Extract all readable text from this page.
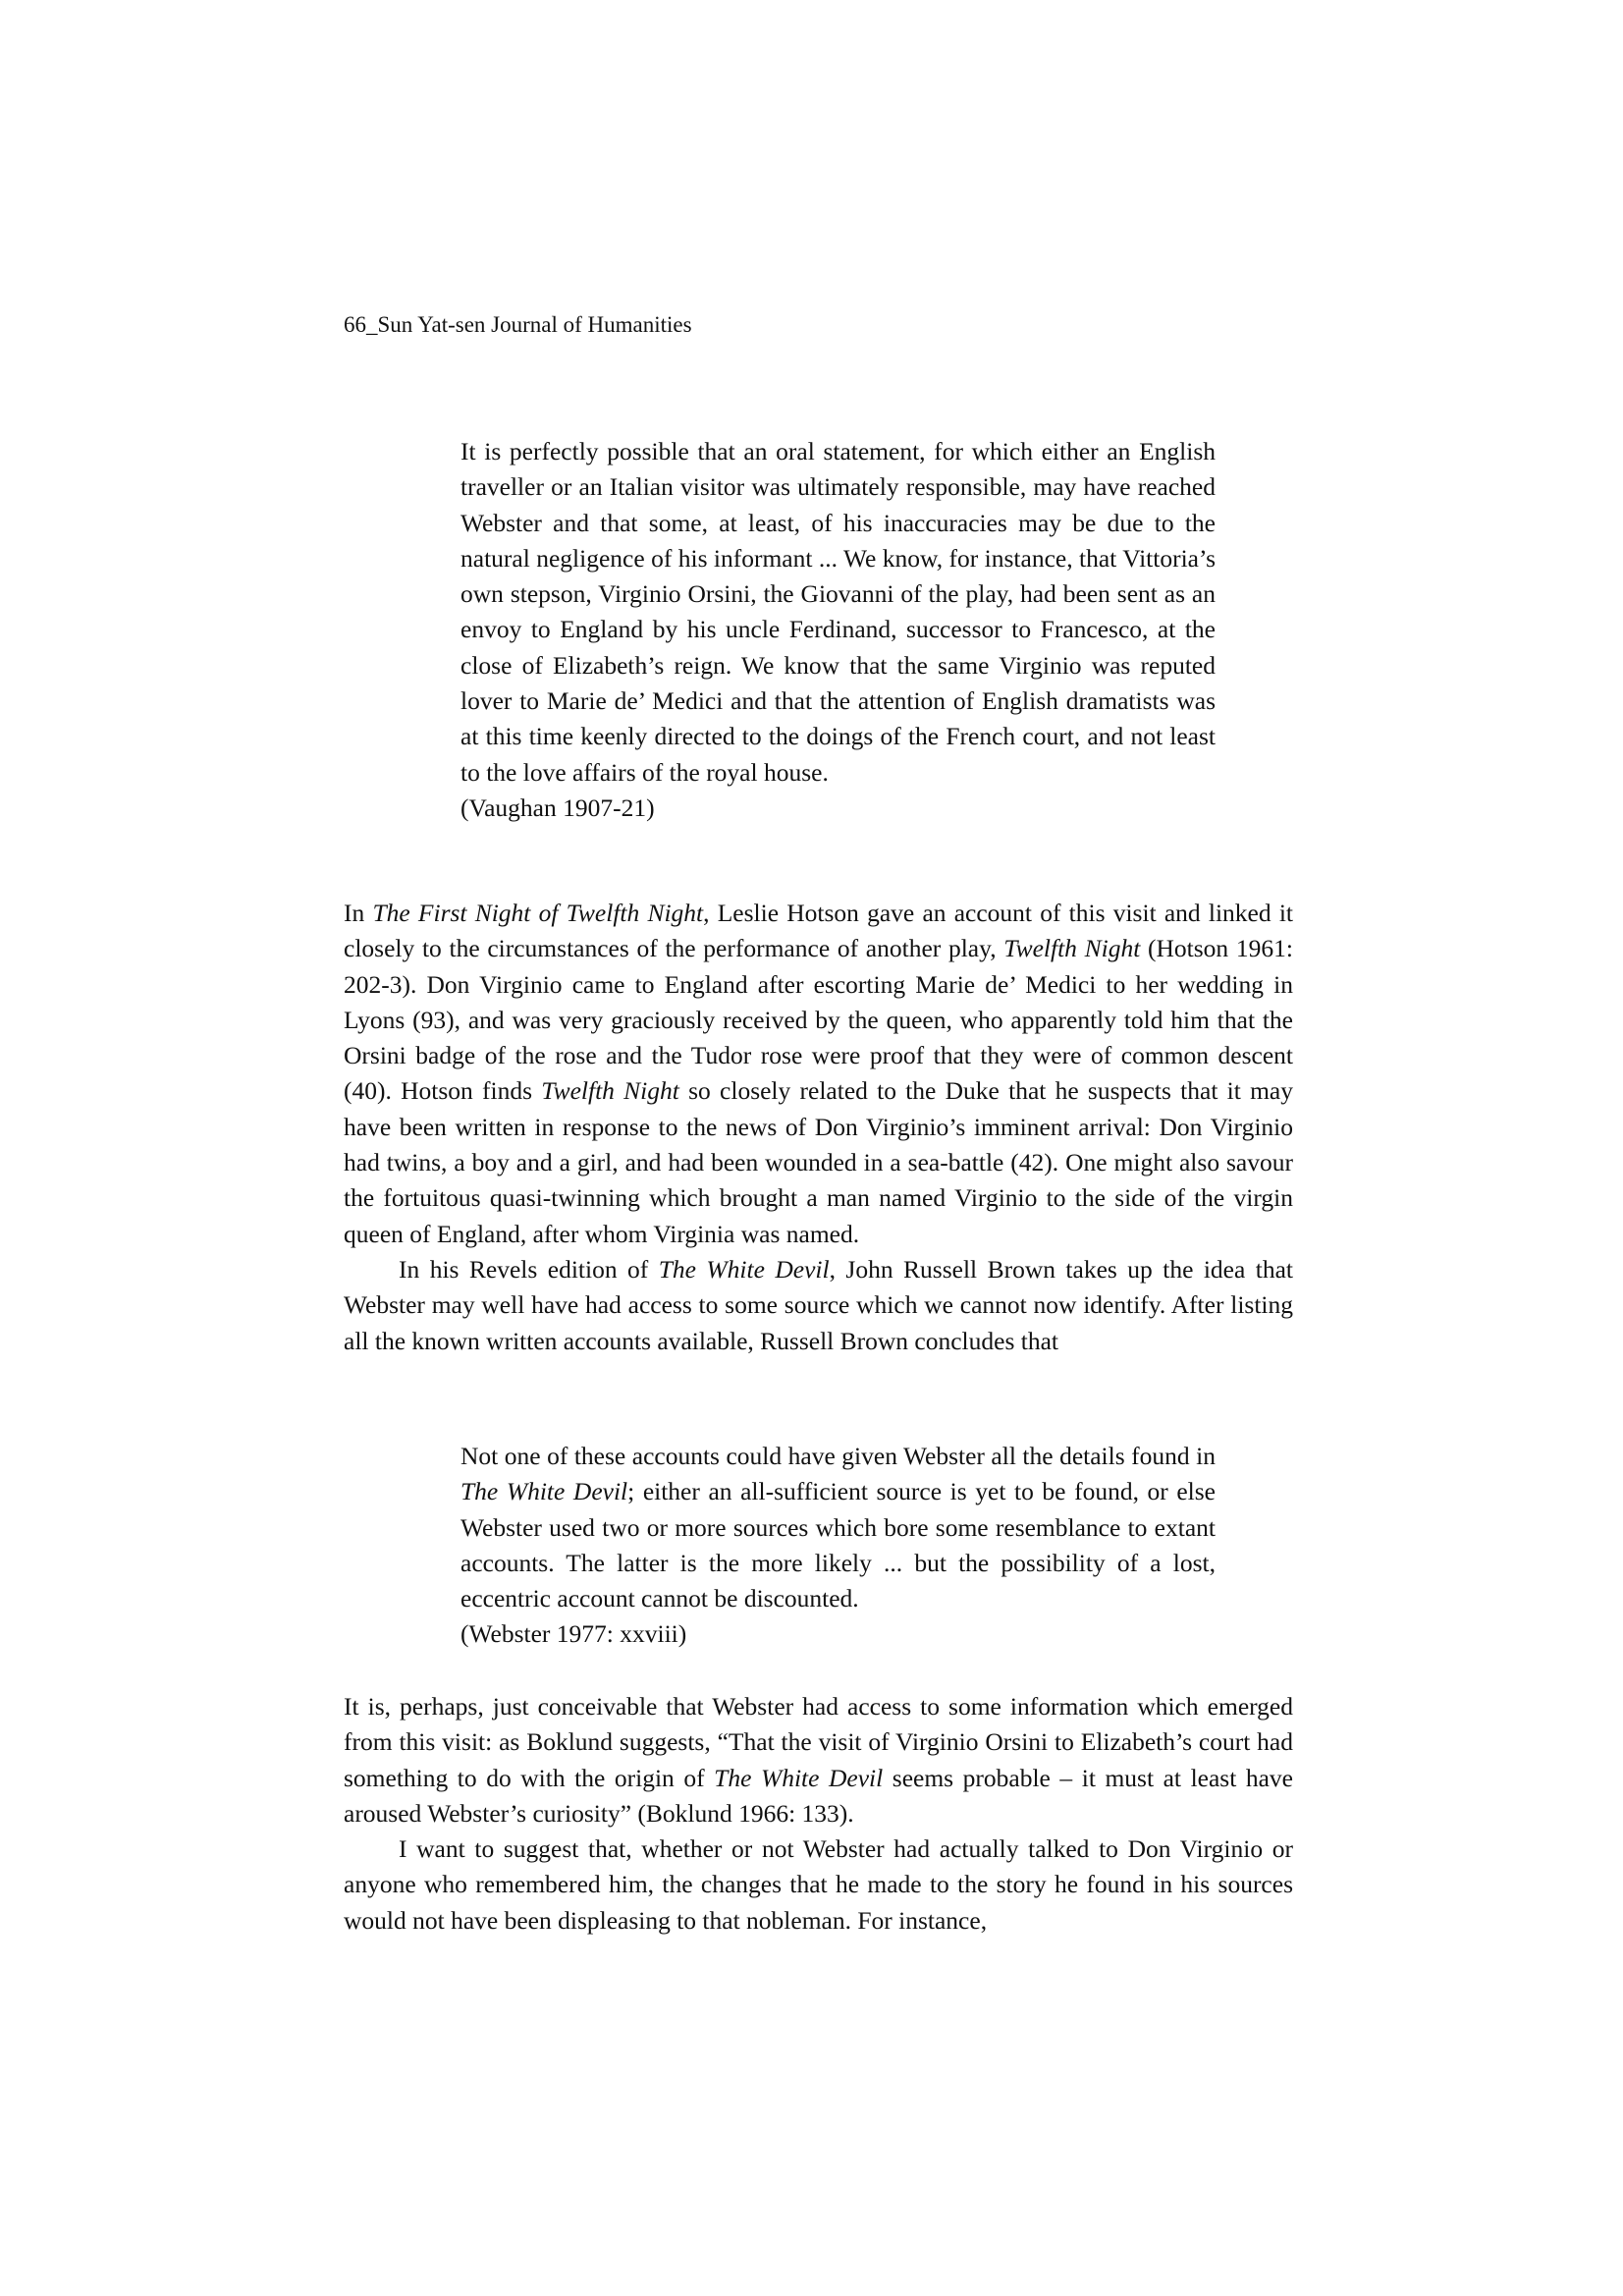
66_Sun Yat-sen Journal of Humanities

It is perfectly possible that an oral statement, for which either an English traveller or an Italian visitor was ultimately responsible, may have reached Webster and that some, at least, of his inaccuracies may be due to the natural negligence of his informant ... We know, for instance, that Vittoria’s own stepson, Virginio Orsini, the Giovanni of the play, had been sent as an envoy to England by his uncle Ferdinand, successor to Francesco, at the close of Elizabeth’s reign. We know that the same Virginio was reputed lover to Marie de’ Medici and that the attention of English dramatists was at this time keenly directed to the doings of the French court, and not least to the love affairs of the royal house.
(Vaughan 1907-21)

In The First Night of Twelfth Night, Leslie Hotson gave an account of this visit and linked it closely to the circumstances of the performance of another play, Twelfth Night (Hotson 1961: 202-3). Don Virginio came to England after escorting Marie de’ Medici to her wedding in Lyons (93), and was very graciously received by the queen, who apparently told him that the Orsini badge of the rose and the Tudor rose were proof that they were of common descent (40). Hotson finds Twelfth Night so closely related to the Duke that he suspects that it may have been written in response to the news of Don Virginio’s imminent arrival: Don Virginio had twins, a boy and a girl, and had been wounded in a sea-battle (42). One might also savour the fortuitous quasi-twinning which brought a man named Virginio to the side of the virgin queen of England, after whom Virginia was named.

In his Revels edition of The White Devil, John Russell Brown takes up the idea that Webster may well have had access to some source which we cannot now identify. After listing all the known written accounts available, Russell Brown concludes that

Not one of these accounts could have given Webster all the details found in The White Devil; either an all-sufficient source is yet to be found, or else Webster used two or more sources which bore some resemblance to extant accounts. The latter is the more likely ... but the possibility of a lost, eccentric account cannot be discounted.
(Webster 1977: xxviii)

It is, perhaps, just conceivable that Webster had access to some information which emerged from this visit: as Boklund suggests, “That the visit of Virginio Orsini to Elizabeth’s court had something to do with the origin of The White Devil seems probable – it must at least have aroused Webster’s curiosity” (Boklund 1966: 133).

I want to suggest that, whether or not Webster had actually talked to Don Virginio or anyone who remembered him, the changes that he made to the story he found in his sources would not have been displeasing to that nobleman. For instance,
